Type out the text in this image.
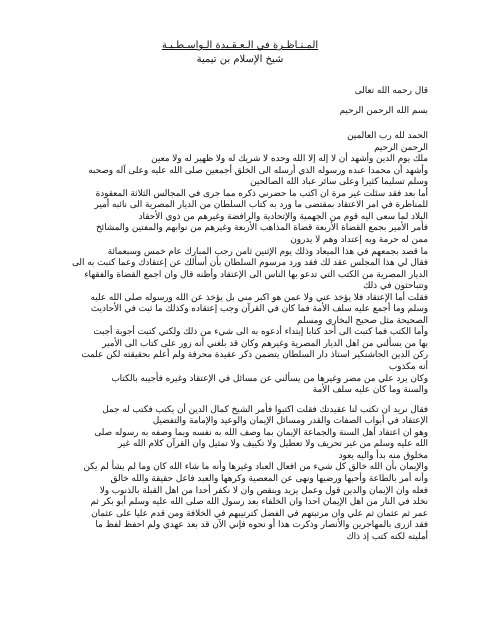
المـنـاظـرة في الـعـقـيدة الـواسـطـيـة
شيخ الإسلام بن تيمية

قال رحمه الله تعالى

بسم الله الرحمن الرحيم

الحمد لله رب العالمين
الرحمن الرحيم
ملك يوم الدين وأشهد أن لا إله إلا الله وحده لا شريك له ولا ظهير له ولا معين
وأشهد أن محمدا عبده ورسوله الذي أرسله الى الخلق أجمعين صلى الله عليه وعلى آله وصحبه
وسلم تسليما كثيرا وعلى سائر عباد الله الصالحين
أما بعد فقد سئلت غير مرة ان اكتب ما حضرني ذكره مما جرى في المجالس الثلاثة المعقودة
للمناظرة في امر الاعتقاد بمقتضى ما ورد به كتاب السلطان من الديار المصرية الى نائبه أمير
البلاد لما سعى اليه قوم من الجهمية والإتحادية والرافضة وغيرهم من ذوي الأحقاد
فأمر الأمير بجمع القضاة الأربعة قضاة المذاهب الأربعة وغيرهم من نوابهم والمفتين والمشائخ
ممن له حرمة وبه إعتداد وهم لا يدرون
ما قصد بجمعهم في هذا الميعاد وذلك يوم الإثنين ثامن رجب المبارك عام خمس وسبعمائة
فقال لي هذا المجلس عقد لك فقد ورد مرسوم السلطان بأن أسألك عن إعتقادك وعما كتبت به الى
الديار المصرية من الكتب التي تدعو بها الناس الى الإعتقاد وأظنه قال وان اجمع القضاة والفقهاء
وتتباحثون في ذلك
فقلت أما الإعتقاد فلا يؤخذ عني ولا عمن هو اكبر مني بل يؤخذ عن الله ورسوله صلى الله عليه
وسلم وما أجمع عليه سلف الأمة فما كان في القرآن وجب إعتقاده وكذلك ما ثبت في الأحاديث
الصحيحة مثل صحيح البخاري ومسلم
وأما الكتب فما كتبت الى أحد كتابا إبتداء أدعوه به الى شيء من ذلك ولكني كتبت أجوبة أجبت
بها من يسألني من اهل الديار المصرية وغيرهم وكان قد بلغني أنه زور على كتاب الى الأمير
ركن الدين الجاشنكير استاذ دار السلطان يتضمن ذكر عقيدة محرفة ولم أعلم بحقيقته لكن علمت
أنه مكذوب
وكان يرد علي من مصر وغيرها من يسألني عن مسائل في الإعتقاد وغيره فأجيبه بالكتاب
والسنة وما كان عليه سلف الأمة

فقال نريد ان تكتب لنا عقيدتك فقلت اكتبوا فأمر الشيخ كمال الدين أن يكتب فكتب له جمل
الإعتقاد في أبواب الصفات والقدر ومسائل الإيمان والوعيد والإمامة والتفضيل
وهو ان اعتقاد أهل السنة والجماعة الإيمان بما وصف الله به نفسه وبما وصفه به رسوله صلى
الله عليه وسلم من غير تحريف ولا تعطيل ولا تكييف ولا تمثيل وان القرآن كلام الله غير
مخلوق منه بدأ واليه يعود
والإيمان بأن الله خالق كل شيء من افعال العباد وغيرها وأنه ما شاء الله كان وما لم يشأ لم يكن
وأنه أمر بالطاعة وأحبها ورضيها ونهى عن المعصية وكرهها والعبد فاعل حقيقة والله خالق
فعله وان الإيمان والدين قول وعمل يزيد وينقص وان لا نكفر أحدا من اهل القبلة بالذنوب ولا
نخلد في النار من اهل الإيمان احدا وان الخلفاء بعد رسول الله صلى الله عليه وسلم أبو بكر ثم
عمر ثم عثمان ثم علي وان مرتبتهم في الفضل كترتيبهم في الخلافة ومن قدم عليا على عثمان
فقد ازرى بالمهاجرين والأنصار وذكرت هذا أو نحوه فإني الآن قد بعد عهدي ولم احفظ لفظ ما
أمليته لكنه كتب إذ ذاك
